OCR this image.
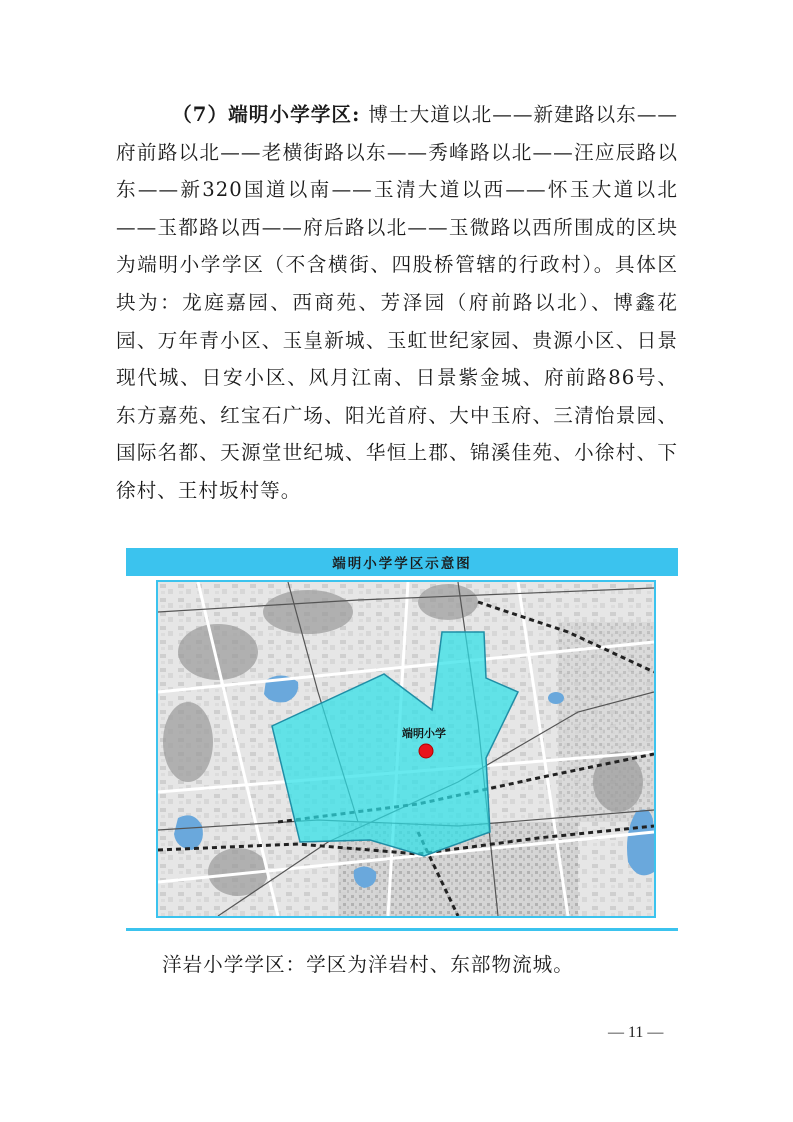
（7）端明小学学区: 博士大道以北——新建路以东——府前路以北——老横街路以东——秀峰路以北——汪应辰路以东——新320国道以南——玉清大道以西——怀玉大道以北——玉都路以西——府后路以北——玉微路以西所围成的区块为端明小学学区（不含横街、四股桥管辖的行政村）。具体区块为：龙庭嘉园、西商苑、芳泽园（府前路以北）、博鑫花园、万年青小区、玉皇新城、玉虹世纪家园、贵源小区、日景现代城、日安小区、风月江南、日景紫金城、府前路86号、东方嘉苑、红宝石广场、阳光首府、大中玉府、三清怡景园、国际名都、天源堂世纪城、华恒上郡、锦溪佳苑、小徐村、下徐村、王村坂村等。

端明小学学区示意图
端明小学

洋岩小学学区：学区为洋岩村、东部物流城。

— 11 —
